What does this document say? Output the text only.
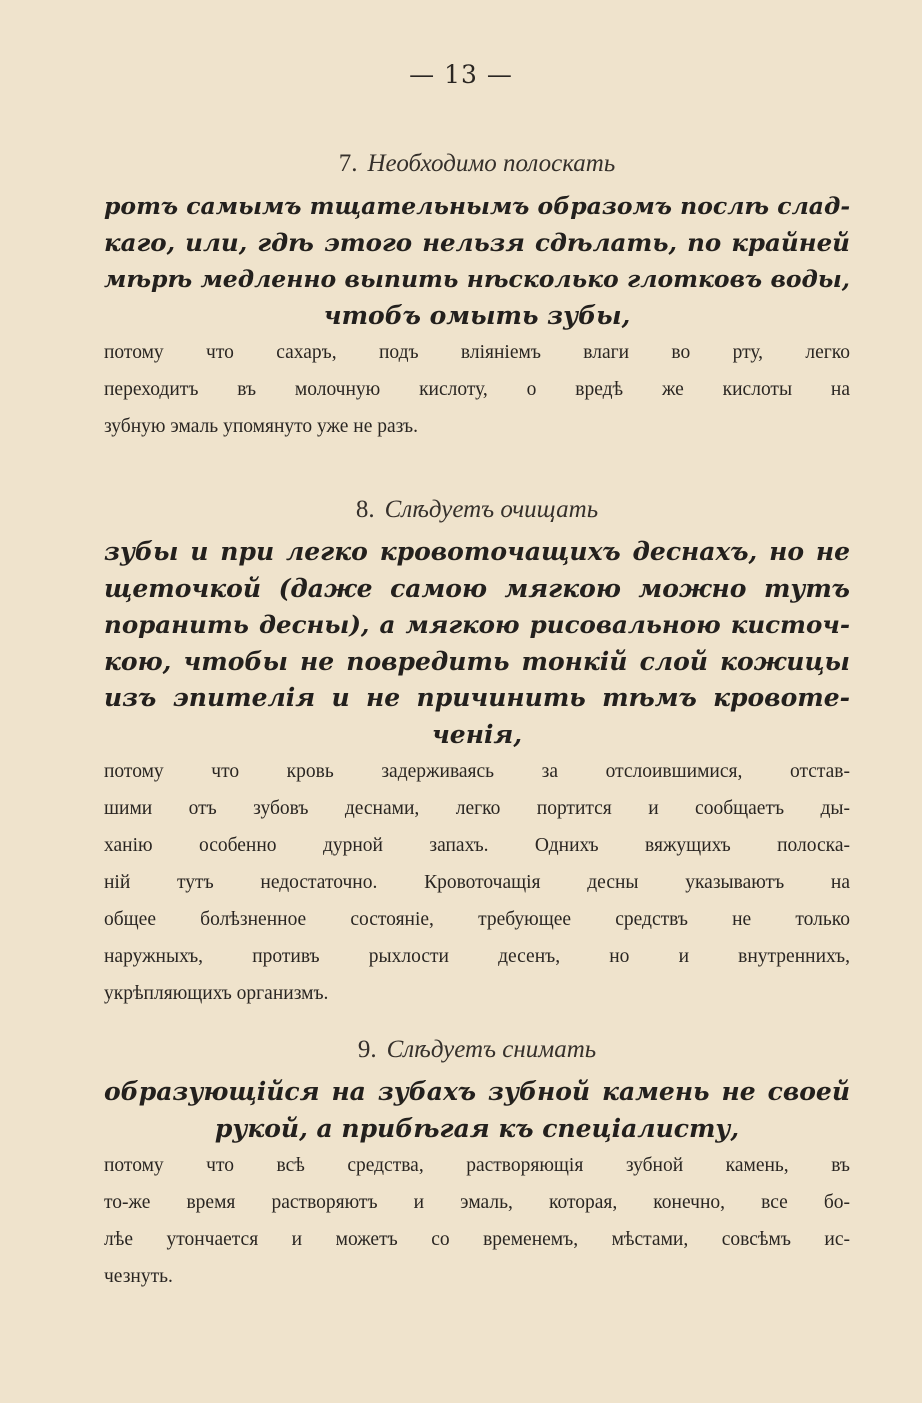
— 13 —
7. Необходимо полоскать
ротъ самымъ тщательнымъ образомъ послѣ слад-
каго, или, гдѣ этого нельзя сдѣлать, по крайней
мѣрѣ медленно выпить нѣсколько глотковъ воды,
чтобъ омыть зубы,
потому что сахаръ, подъ вліяніемъ влаги во рту, легко
переходитъ въ молочную кислоту, о вредѣ же кислоты на
зубную эмаль упомянуто уже не разъ.
8. Слѣдуетъ очищать
зубы и при легко кровоточащихъ деснахъ, но не
щеточкой (даже самою мягкою можно тутъ
поранить десны), а мягкою рисовальною кисточ-
кою, чтобы не повредить тонкій слой кожицы
изъ эпителія и не причинить тѣмъ кровоте-
ченія,
потому что кровь задерживаясь за отслоившимися, отстав-
шими отъ зубовъ деснами, легко портится и сообщаетъ ды-
ханію особенно дурной запахъ. Однихъ вяжущихъ полоска-
ній тутъ недостаточно. Кровоточащія десны указываютъ на
общее болѣзненное состояніе, требующее средствъ не только
наружныхъ, противъ рыхлости десенъ, но и внутреннихъ,
укрѣпляющихъ организмъ.
9. Слѣдуетъ снимать
образующійся на зубахъ зубной камень не своей
рукой, а прибѣгая къ спеціалисту,
потому что всѣ средства, растворяющія зубной камень, въ
то-же время растворяютъ и эмаль, которая, конечно, все бо-
лѣе утончается и можетъ со временемъ, мѣстами, совсѣмъ ис-
чезнуть.
